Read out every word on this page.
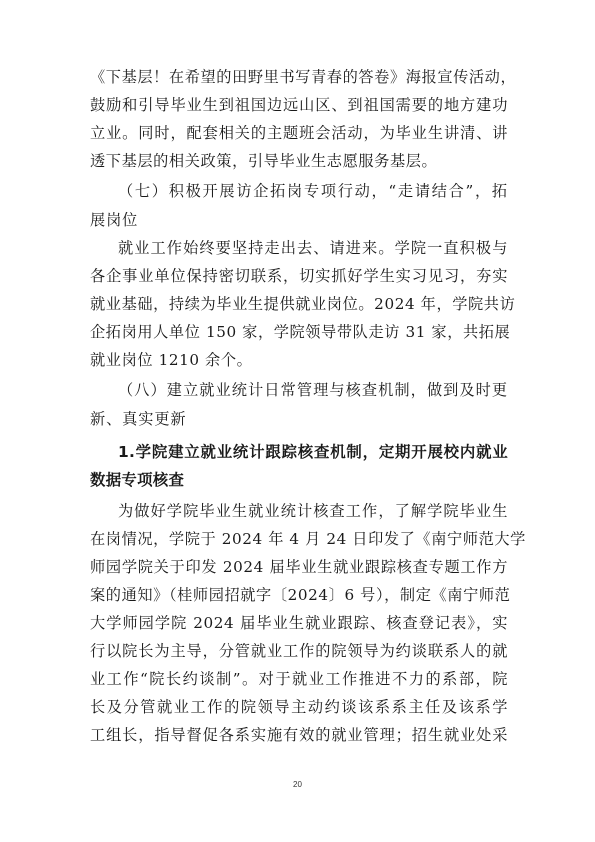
《下基层！在希望的田野里书写青春的答卷》海报宣传活动，
鼓励和引导毕业生到祖国边远山区、到祖国需要的地方建功
立业。同时，配套相关的主题班会活动，为毕业生讲清、讲
透下基层的相关政策，引导毕业生志愿服务基层。
（七）积极开展访企拓岗专项行动，“走请结合”，拓
展岗位
就业工作始终要坚持走出去、请进来。学院一直积极与
各企事业单位保持密切联系，切实抓好学生实习见习，夯实
就业基础，持续为毕业生提供就业岗位。2024 年，学院共访
企拓岗用人单位 150 家，学院领导带队走访 31 家，共拓展
就业岗位 1210 余个。
（八）建立就业统计日常管理与核查机制，做到及时更
新、真实更新
1.学院建立就业统计跟踪核查机制，定期开展校内就业
数据专项核查
为做好学院毕业生就业统计核查工作，了解学院毕业生
在岗情况，学院于 2024 年 4 月 24 日印发了《南宁师范大学
师园学院关于印发 2024 届毕业生就业跟踪核查专题工作方
案的通知》（桂师园招就字〔2024〕6 号），制定《南宁师范
大学师园学院 2024 届毕业生就业跟踪、核查登记表》，实
行以院长为主导，分管就业工作的院领导为约谈联系人的就
业工作“院长约谈制”。对于就业工作推进不力的系部，院
长及分管就业工作的院领导主动约谈该系系主任及该系学
工组长，指导督促各系实施有效的就业管理；招生就业处采
20
